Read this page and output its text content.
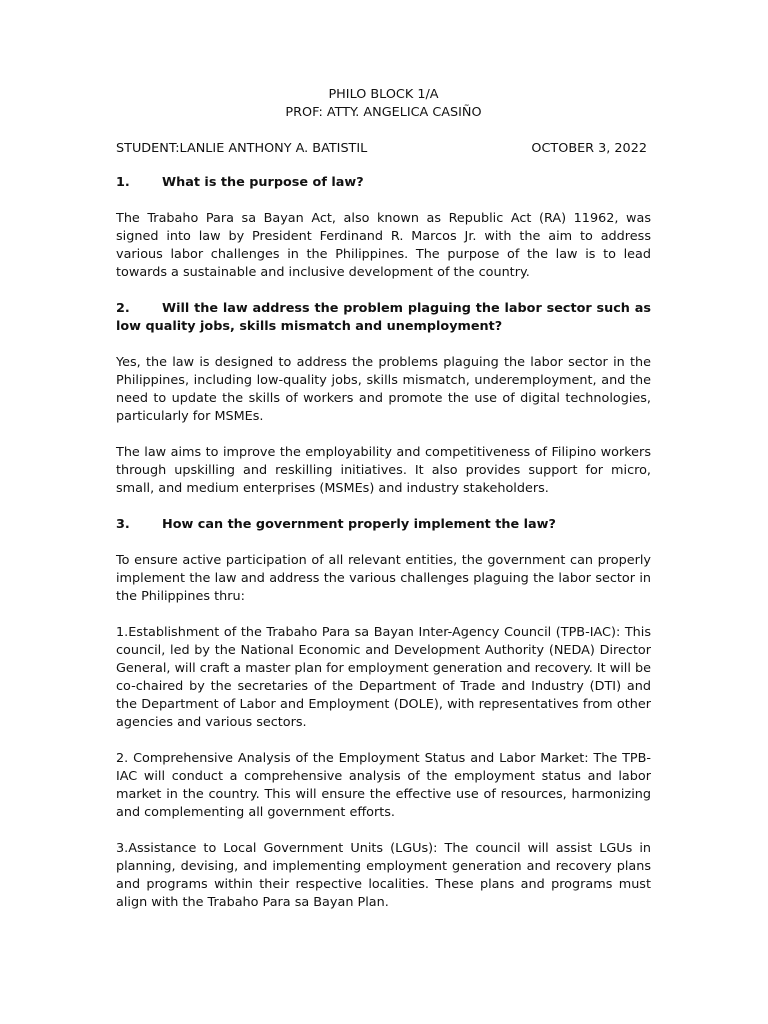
PHILO BLOCK 1/A

PROF: ATTY. ANGELICA CASIÑO

STUDENT:LANLIE ANTHONY A. BATISTIL	OCTOBER 3, 2022

1.	What is the purpose of law?

The Trabaho Para sa Bayan Act, also known as Republic Act (RA) 11962, was signed into law by President Ferdinand R. Marcos Jr. with the aim to address various labor challenges in the Philippines. The purpose of the law is to lead towards a sustainable and inclusive development of the country.

2.	Will the law address the problem plaguing the labor sector such as low quality jobs, skills mismatch and unemployment?

Yes, the law is designed to address the problems plaguing the labor sector in the Philippines, including low-quality jobs, skills mismatch, underemployment, and the need to update the skills of workers and promote the use of digital technologies, particularly for MSMEs.

The law aims to improve the employability and competitiveness of Filipino workers through upskilling and reskilling initiatives. It also provides support for micro, small, and medium enterprises (MSMEs) and industry stakeholders.

3.	How can the government properly implement the law?

To ensure active participation of all relevant entities, the government can properly implement the law and address the various challenges plaguing the labor sector in the Philippines thru:

1.Establishment of the Trabaho Para sa Bayan Inter-Agency Council (TPB-IAC): This council, led by the National Economic and Development Authority (NEDA) Director General, will craft a master plan for employment generation and recovery. It will be co-chaired by the secretaries of the Department of Trade and Industry (DTI) and the Department of Labor and Employment (DOLE), with representatives from other agencies and various sectors.

2. Comprehensive Analysis of the Employment Status and Labor Market: The TPB-IAC will conduct a comprehensive analysis of the employment status and labor market in the country. This will ensure the effective use of resources, harmonizing and complementing all government efforts.

3.Assistance to Local Government Units (LGUs): The council will assist LGUs in planning, devising, and implementing employment generation and recovery plans and programs within their respective localities. These plans and programs must align with the Trabaho Para sa Bayan Plan.
